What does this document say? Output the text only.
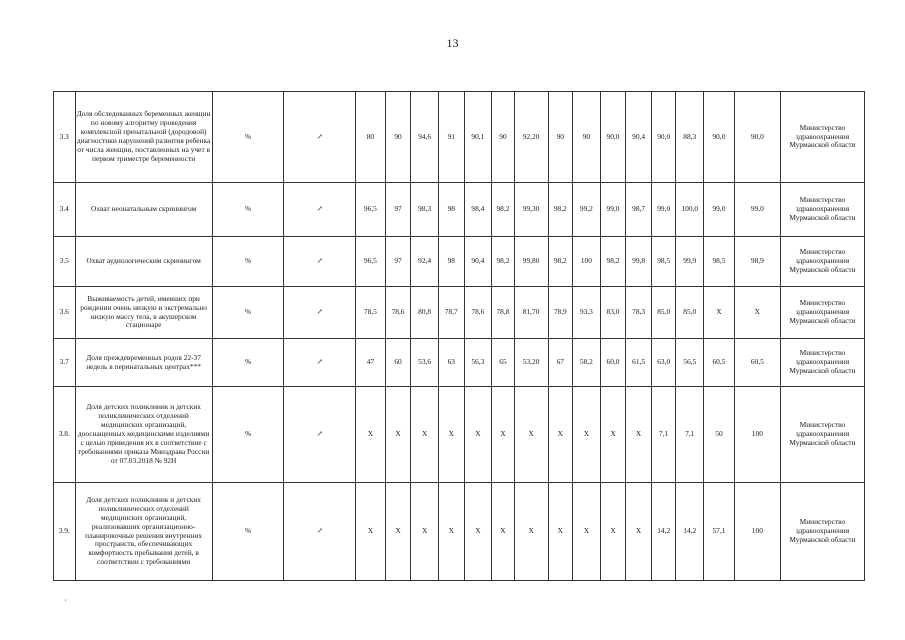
13
3.3	Доля обследованных беременных женщин по новому алгоритму проведения комплексной пренатальной (дородовой) диагностики нарушений развития ребенка от числа женщин, поставленных на учет в первом триместре беременности	%	↗	80	90	94,6	91	90,1	90	92,20	90	90	90,0	90,4	90,0	88,3	90,0	90,0	Министерство здравоохранения Мурманской области
3.4	Охват неонатальным скринингом	%	↗	96,5	97	98,3	98	98,4	98,2	99,30	98,2	99,2	99,0	98,7	99,0	100,0	99,0	99,0	Министерство здравоохранения Мурманской области
3.5	Охват аудиологическим скринингом	%	↗	96,5	97	92,4	98	90,4	98,2	99,80	98,2	100	98,2	99,8	98,5	99,9	98,5	98,9	Министерство здравоохранения Мурманской области
3.6	Выживаемость детей, имевших при рождении очень низкую и экстремально низкую массу тела, в акушерском стационаре	%	↗	78,5	78,6	80,8	78,7	78,6	78,8	81,70	78,9	93,3	83,0	78,3	85,0	85,0	Х	Х	Министерство здравоохранения Мурманской области
3.7	Доля преждевременных родов 22-37 недель в перинатальных центрах***	%	↗	47	60	53,6	63	56,3	65	53,20	67	58,2	60,0	61,5	63,0	56,5	60,5	60,5	Министерство здравоохранения Мурманской области
3.8.	Доля детских поликлиник и детских поликлинических отделений медицинских организаций, дооснащенных медицинскими изделиями с целью приведения их в соответствие с требованиями приказа Минздрава России от 07.03.2018 № 92Н	%	↗	Х	Х	Х	Х	Х	Х	Х	Х	Х	Х	Х	7,1	7,1	50	100	Министерство здравоохранения Мурманской области
3.9.	Доля детских поликлиник и детских поликлинических отделений медицинских организаций, реализовавших организационно-планировочные решения внутренних пространств, обеспечивающих комфортность пребывания детей, в соответствии с требованиями	%	↗	Х	Х	Х	Х	Х	Х	Х	Х	Х	Х	Х	14,2	14,2	57,1	100	Министерство здравоохранения Мурманской области
'
